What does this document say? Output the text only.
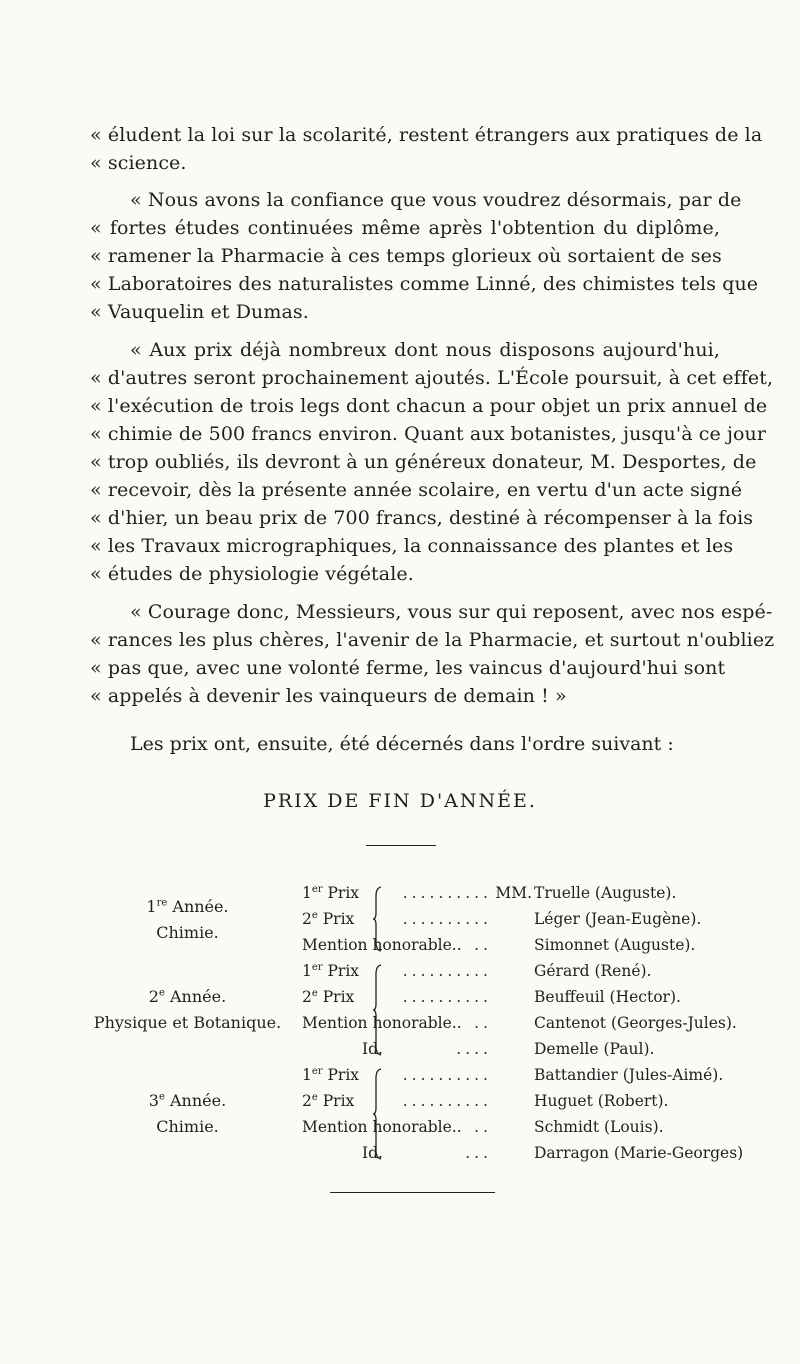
« éludent la loi sur la scolarité, restent étrangers aux pratiques de la
« science.
« Nous avons la confiance que vous voudrez désormais, par de
« fortes études continuées même après l'obtention du diplôme,
« ramener la Pharmacie à ces temps glorieux où sortaient de ses
« Laboratoires des naturalistes comme Linné, des chimistes tels que
« Vauquelin et Dumas.
« Aux prix déjà nombreux dont nous disposons aujourd'hui,
« d'autres seront prochainement ajoutés. L'École poursuit, à cet effet,
« l'exécution de trois legs dont chacun a pour objet un prix annuel de
« chimie de 500 francs environ. Quant aux botanistes, jusqu'à ce jour
« trop oubliés, ils devront à un généreux donateur, M. Desportes, de
« recevoir, dès la présente année scolaire, en vertu d'un acte signé
« d'hier, un beau prix de 700 francs, destiné à récompenser à la fois
« les Travaux micrographiques, la connaissance des plantes et les
« études de physiologie végétale.
« Courage donc, Messieurs, vous sur qui reposent, avec nos espé-
« rances les plus chères, l'avenir de la Pharmacie, et surtout n'oubliez
« pas que, avec une volonté ferme, les vaincus d'aujourd'hui sont
« appelés à devenir les vainqueurs de demain ! »
Les prix ont, ensuite, été décernés dans l'ordre suivant :
PRIX DE FIN D'ANNÉE.
1re Année.
Chimie.
1er Prix	.......... MM. Truelle (Auguste).
2e Prix	..........	Léger (Jean-Eugène).
Mention honorable.. ..	Simonnet (Auguste).
2e Année.
Physique et Botanique.
1er Prix	..........	Gérard (René).
2e Prix	..........	Beuffeuil (Hector).
Mention honorable.. ..	Cantenot (Georges-Jules).
Id.	....	Demelle (Paul).
3e Année.
Chimie.
1er Prix	..........	Battandier (Jules-Aimé).
2e Prix	..........	Huguet (Robert).
Mention honorable.. ..	Schmidt (Louis).
Id.	...	Darragon (Marie-Georges)
